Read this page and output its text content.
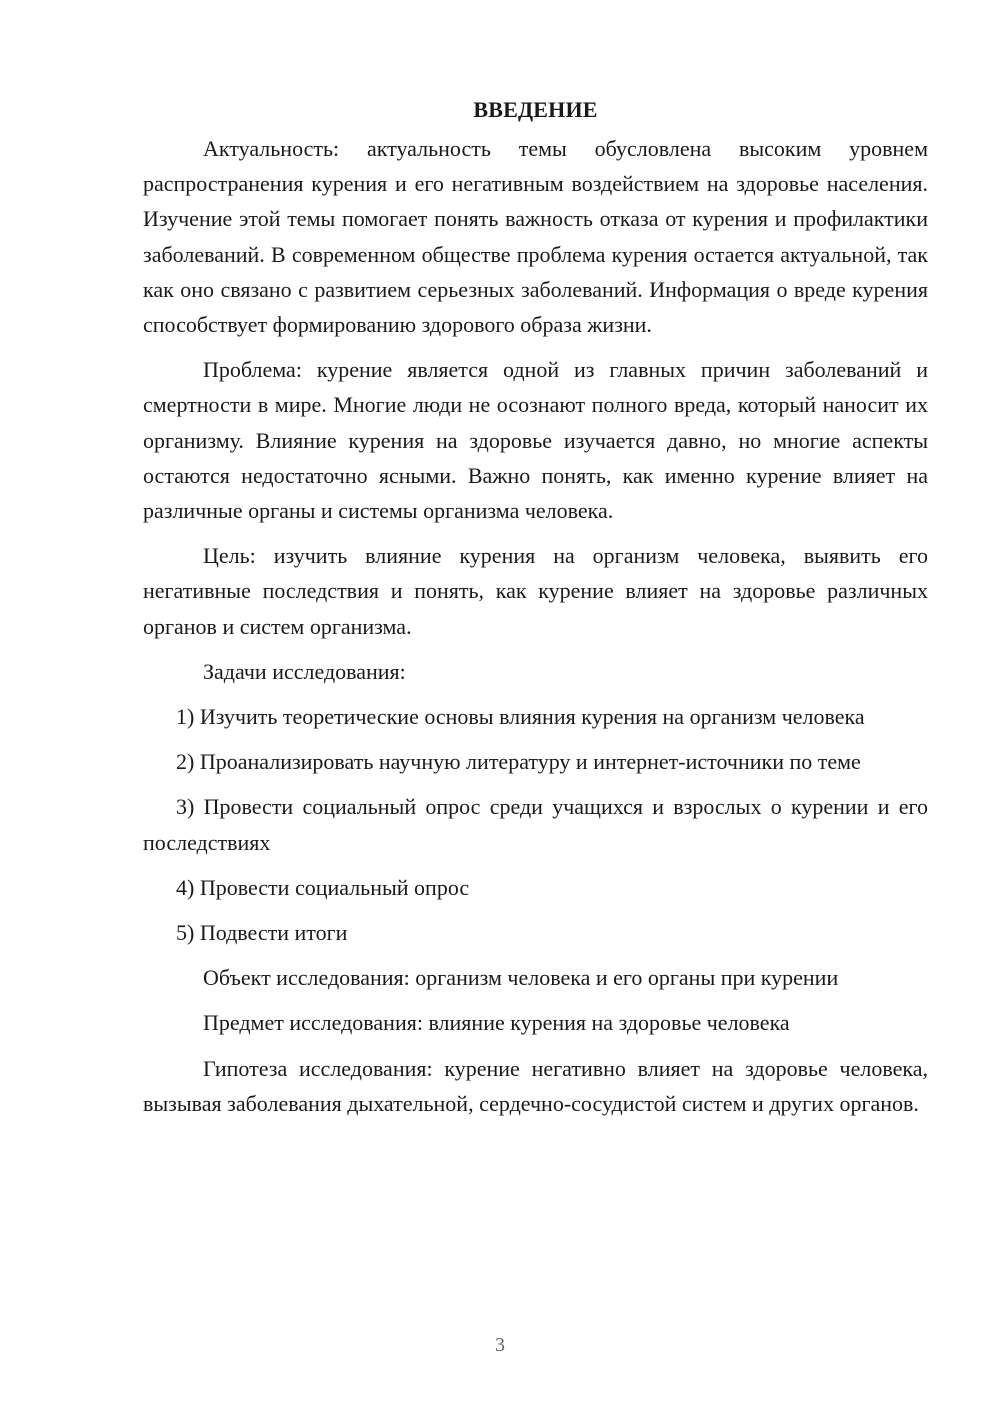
ВВЕДЕНИЕ

Актуальность: актуальность темы обусловлена высоким уровнем распространения курения и его негативным воздействием на здоровье населения. Изучение этой темы помогает понять важность отказа от курения и профилактики заболеваний. В современном обществе проблема курения остается актуальной, так как оно связано с развитием серьезных заболеваний. Информация о вреде курения способствует формированию здорового образа жизни.

Проблема: курение является одной из главных причин заболеваний и смертности в мире. Многие люди не осознают полного вреда, который наносит их организму. Влияние курения на здоровье изучается давно, но многие аспекты остаются недостаточно ясными. Важно понять, как именно курение влияет на различные органы и системы организма человека.

Цель: изучить влияние курения на организм человека, выявить его негативные последствия и понять, как курение влияет на здоровье различных органов и систем организма.

Задачи исследования:

1) Изучить теоретические основы влияния курения на организм человека

2) Проанализировать научную литературу и интернет-источники по теме

3) Провести социальный опрос среди учащихся и взрослых о курении и его последствиях

4) Провести социальный опрос

5) Подвести итоги

Объект исследования: организм человека и его органы при курении

Предмет исследования: влияние курения на здоровье человека

Гипотеза исследования: курение негативно влияет на здоровье человека, вызывая заболевания дыхательной, сердечно-сосудистой систем и других органов.

3
